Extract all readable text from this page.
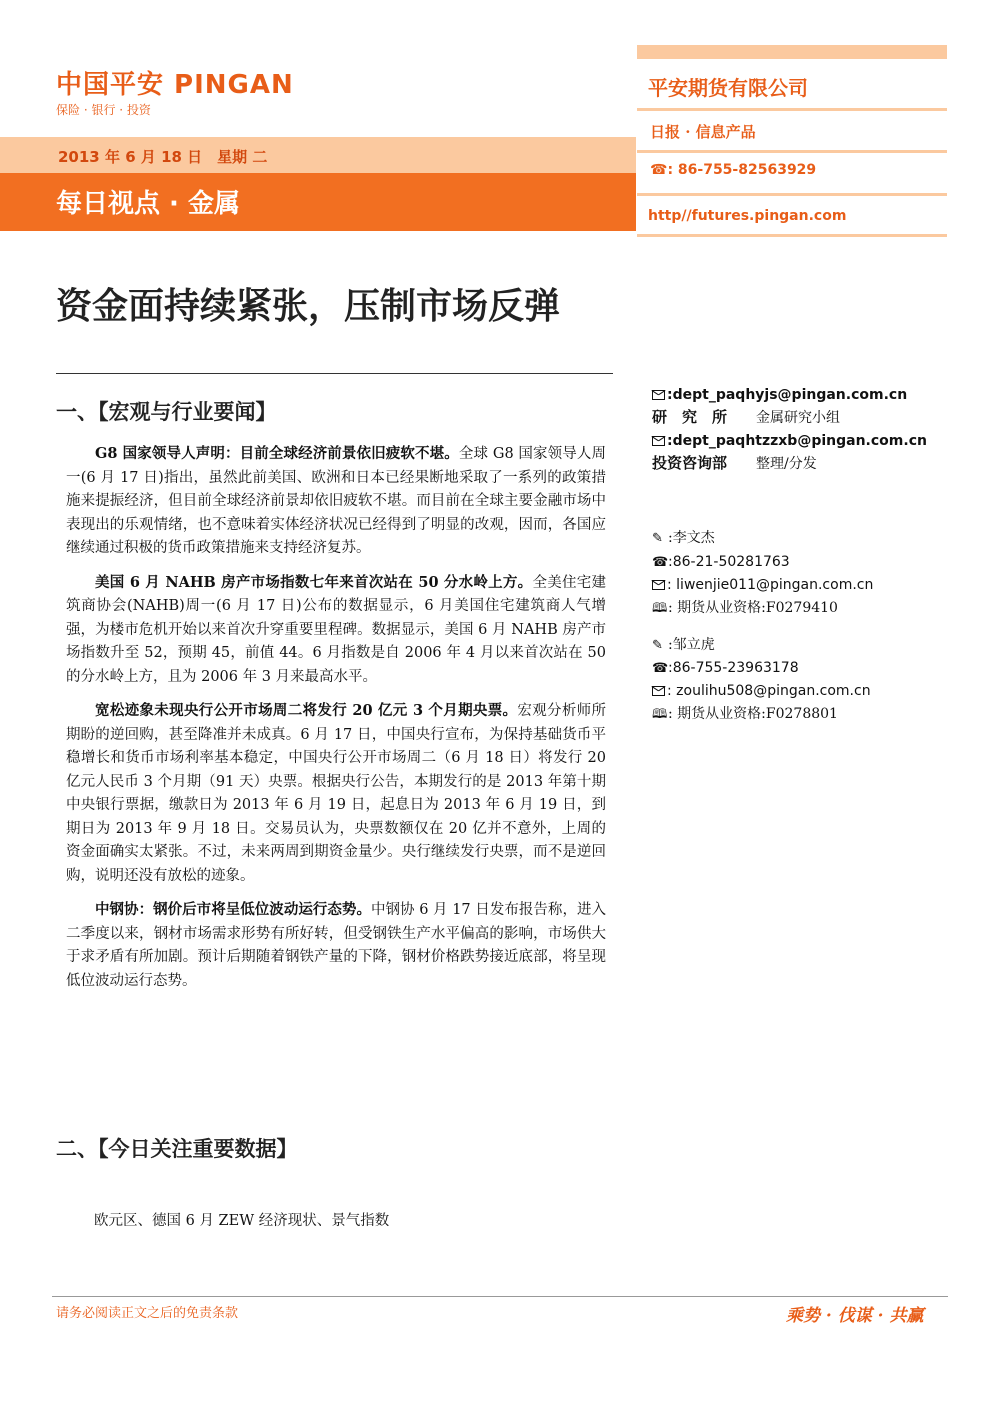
中国平安 PINGAN
保险 · 银行 · 投资
2013 年 6 月 18 日　星期 二
每日视点 · 金属
平安期货有限公司
日报 · 信息产品
☎: 86-755-82563929
http//futures.pingan.com
资金面持续紧张，压制市场反弹
一、【宏观与行业要闻】

G8 国家领导人声明：目前全球经济前景依旧疲软不堪。全球 G8 国家领导人周一(6 月 17 日)指出，虽然此前美国、欧洲和日本已经果断地采取了一系列的政策措施来提振经济，但目前全球经济前景却依旧疲软不堪。而目前在全球主要金融市场中表现出的乐观情绪，也不意味着实体经济状况已经得到了明显的改观，因而，各国应继续通过积极的货币政策措施来支持经济复苏。

美国 6 月 NAHB 房产市场指数七年来首次站在 50 分水岭上方。全美住宅建筑商协会(NAHB)周一(6 月 17 日)公布的数据显示，6 月美国住宅建筑商人气增强，为楼市危机开始以来首次升穿重要里程碑。数据显示，美国 6 月 NAHB 房产市场指数升至 52，预期 45，前值 44。6 月指数是自 2006 年 4 月以来首次站在 50 的分水岭上方，且为 2006 年 3 月来最高水平。

宽松迹象未现央行公开市场周二将发行 20 亿元 3 个月期央票。宏观分析师所期盼的逆回购，甚至降准并未成真。6 月 17 日，中国央行宣布，为保持基础货币平稳增长和货币市场利率基本稳定，中国央行公开市场周二（6 月 18 日）将发行 20 亿元人民币 3 个月期（91 天）央票。根据央行公告，本期发行的是 2013 年第十期中央银行票据，缴款日为 2013 年 6 月 19 日，起息日为 2013 年 6 月 19 日，到期日为 2013 年 9 月 18 日。交易员认为，央票数额仅在 20 亿并不意外，上周的资金面确实太紧张。不过，未来两周到期资金量少。央行继续发行央票，而不是逆回购，说明还没有放松的迹象。

中钢协：钢价后市将呈低位波动运行态势。中钢协 6 月 17 日发布报告称，进入二季度以来，钢材市场需求形势有所好转，但受钢铁生产水平偏高的影响，市场供大于求矛盾有所加剧。预计后期随着钢铁产量的下降，钢材价格跌势接近底部，将呈现低位波动运行态势。

二、【今日关注重要数据】
欧元区、德国 6 月 ZEW 经济现状、景气指数
:dept_paqhyjs@pingan.com.cn
研　究　所 金属研究小组
:dept_paqhtzzxb@pingan.com.cn
投资咨询部 整理/分发
✎ :李文杰
☎:86-21-50281763
: liwenjie011@pingan.com.cn
🕮: 期货从业资格:F0279410
✎ :邹立虎
☎:86-755-23963178
: zoulihu508@pingan.com.cn
🕮: 期货从业资格:F0278801
请务必阅读正文之后的免责条款	乘势 · 伐谋 · 共赢
